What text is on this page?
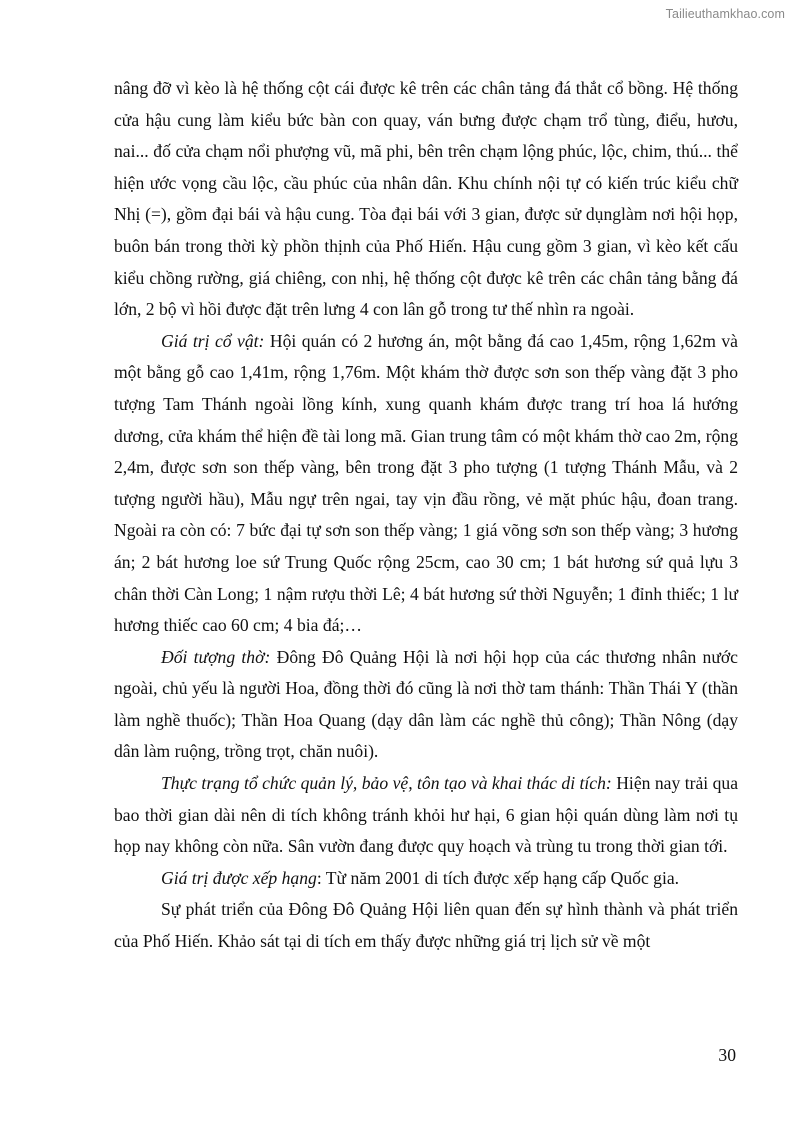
Tailieuthamkhao.com

nâng đỡ vì kèo là hệ thống cột cái được kê trên các chân tảng đá thắt cổ bồng. Hệ thống cửa hậu cung làm kiểu bức bàn con quay, ván bưng được chạm trổ tùng, điểu, hươu, nai... đố cửa chạm nổi phượng vũ, mã phi, bên trên chạm lộng phúc, lộc, chim, thú... thể hiện ước vọng cầu lộc, cầu phúc của nhân dân. Khu chính nội tự có kiến trúc kiểu chữ Nhị (=), gồm đại bái và hậu cung. Tòa đại bái với 3 gian, được sử dụnglàm nơi hội họp, buôn bán trong thời kỳ phồn thịnh của Phố Hiến. Hậu cung gồm 3 gian, vì kèo kết cấu kiểu chồng rường, giá chiêng, con nhị, hệ thống cột được kê trên các chân tảng bằng đá lớn, 2 bộ vì hồi được đặt trên lưng 4 con lân gỗ trong tư thế nhìn ra ngoài.

Giá trị cổ vật: Hội quán có 2 hương án, một bằng đá cao 1,45m, rộng 1,62m và một bằng gỗ cao 1,41m, rộng 1,76m. Một khám thờ được sơn son thếp vàng đặt 3 pho tượng Tam Thánh ngoài lồng kính, xung quanh khám được trang trí hoa lá hướng dương, cửa khám thể hiện đề tài long mã. Gian trung tâm có một khám thờ cao 2m, rộng 2,4m, được sơn son thếp vàng, bên trong đặt 3 pho tượng (1 tượng Thánh Mẫu, và 2 tượng người hầu), Mẫu ngự trên ngai, tay vịn đầu rồng, vẻ mặt phúc hậu, đoan trang. Ngoài ra còn có: 7 bức đại tự sơn son thếp vàng; 1 giá võng sơn son thếp vàng; 3 hương án; 2 bát hương loe sứ Trung Quốc rộng 25cm, cao 30 cm; 1 bát hương sứ quả lựu 3 chân thời Càn Long; 1 nậm rượu thời Lê; 4 bát hương sứ thời Nguyễn; 1 đỉnh thiếc; 1 lư hương thiếc cao 60 cm; 4 bia đá;…

Đối tượng thờ: Đông Đô Quảng Hội là nơi hội họp của các thương nhân nước ngoài, chủ yếu là người Hoa, đồng thời đó cũng là nơi thờ tam thánh: Thần Thái Y (thần làm nghề thuốc); Thần Hoa Quang (dạy dân làm các nghề thủ công); Thần Nông (dạy dân làm ruộng, trồng trọt, chăn nuôi).

Thực trạng tổ chức quản lý, bảo vệ, tôn tạo và khai thác di tích: Hiện nay trải qua bao thời gian dài nên di tích không tránh khỏi hư hại, 6 gian hội quán dùng làm nơi tụ họp nay không còn nữa. Sân vườn đang được quy hoạch và trùng tu trong thời gian tới.

Giá trị được xếp hạng: Từ năm 2001 di tích được xếp hạng cấp Quốc gia.

Sự phát triển của Đông Đô Quảng Hội liên quan đến sự hình thành và phát triển của Phố Hiến. Khảo sát tại di tích em thấy được những giá trị lịch sử về một

30
